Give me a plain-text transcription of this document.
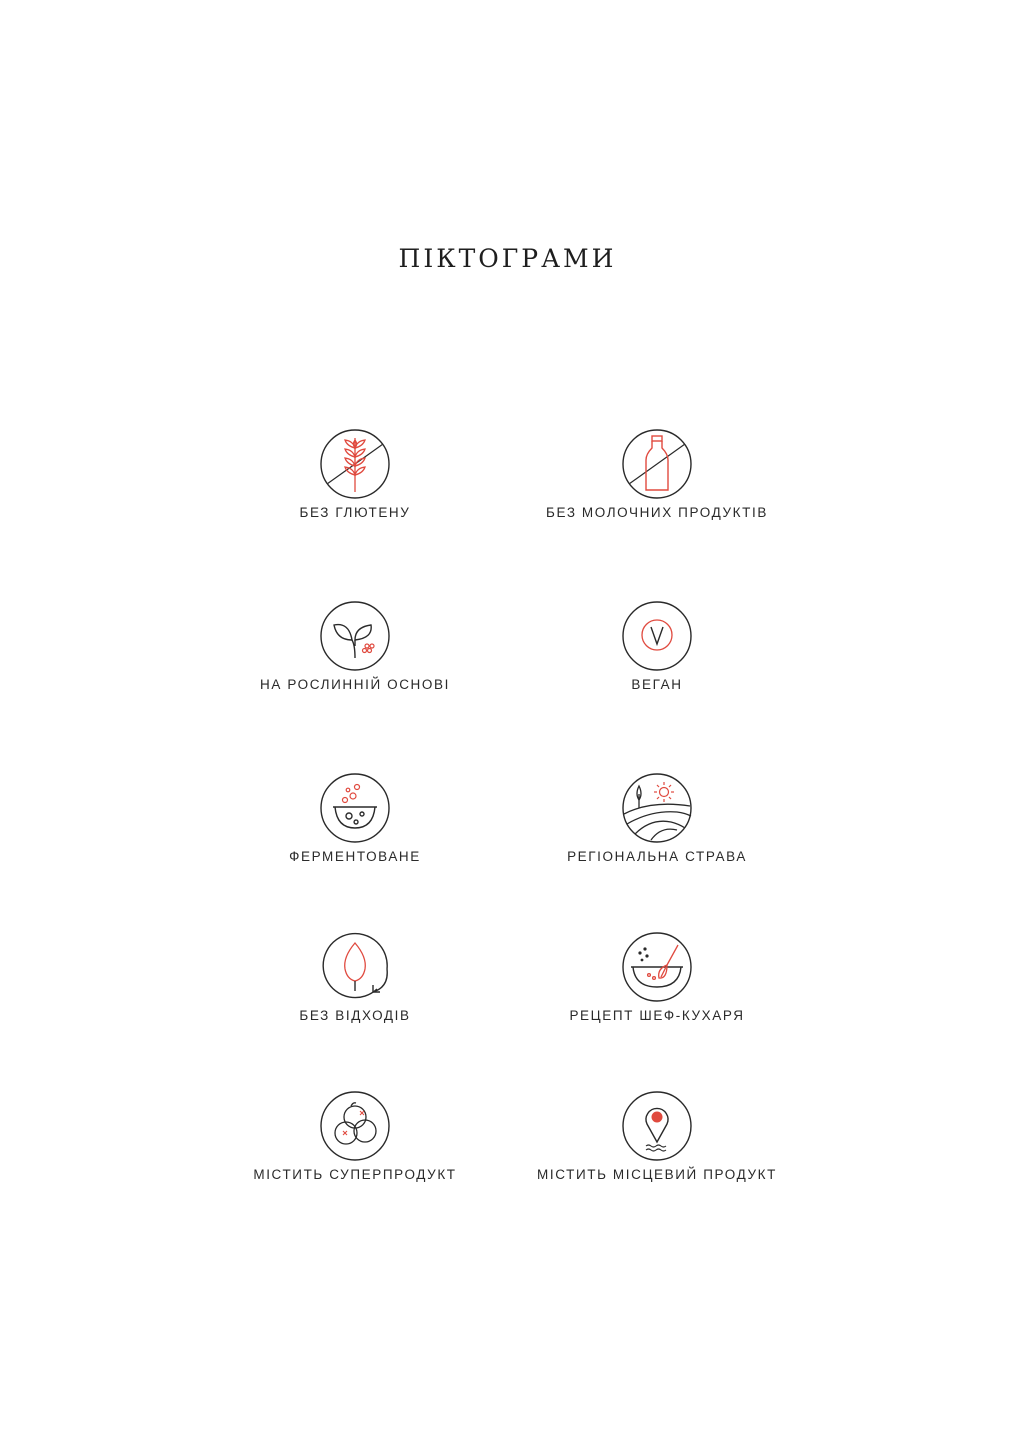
ПІКТОГРАМИ
БЕЗ ГЛЮТЕНУ	БЕЗ МОЛОЧНИХ ПРОДУКТІВ
НА РОСЛИННІЙ ОСНОВІ	ВЕГАН
ФЕРМЕНТОВАНЕ	РЕГІОНАЛЬНА СТРАВА
БЕЗ ВІДХОДІВ	РЕЦЕПТ ШЕФ-КУХАРЯ
МІСТИТЬ СУПЕРПРОДУКТ	МІСТИТЬ МІСЦЕВИЙ ПРОДУКТ
